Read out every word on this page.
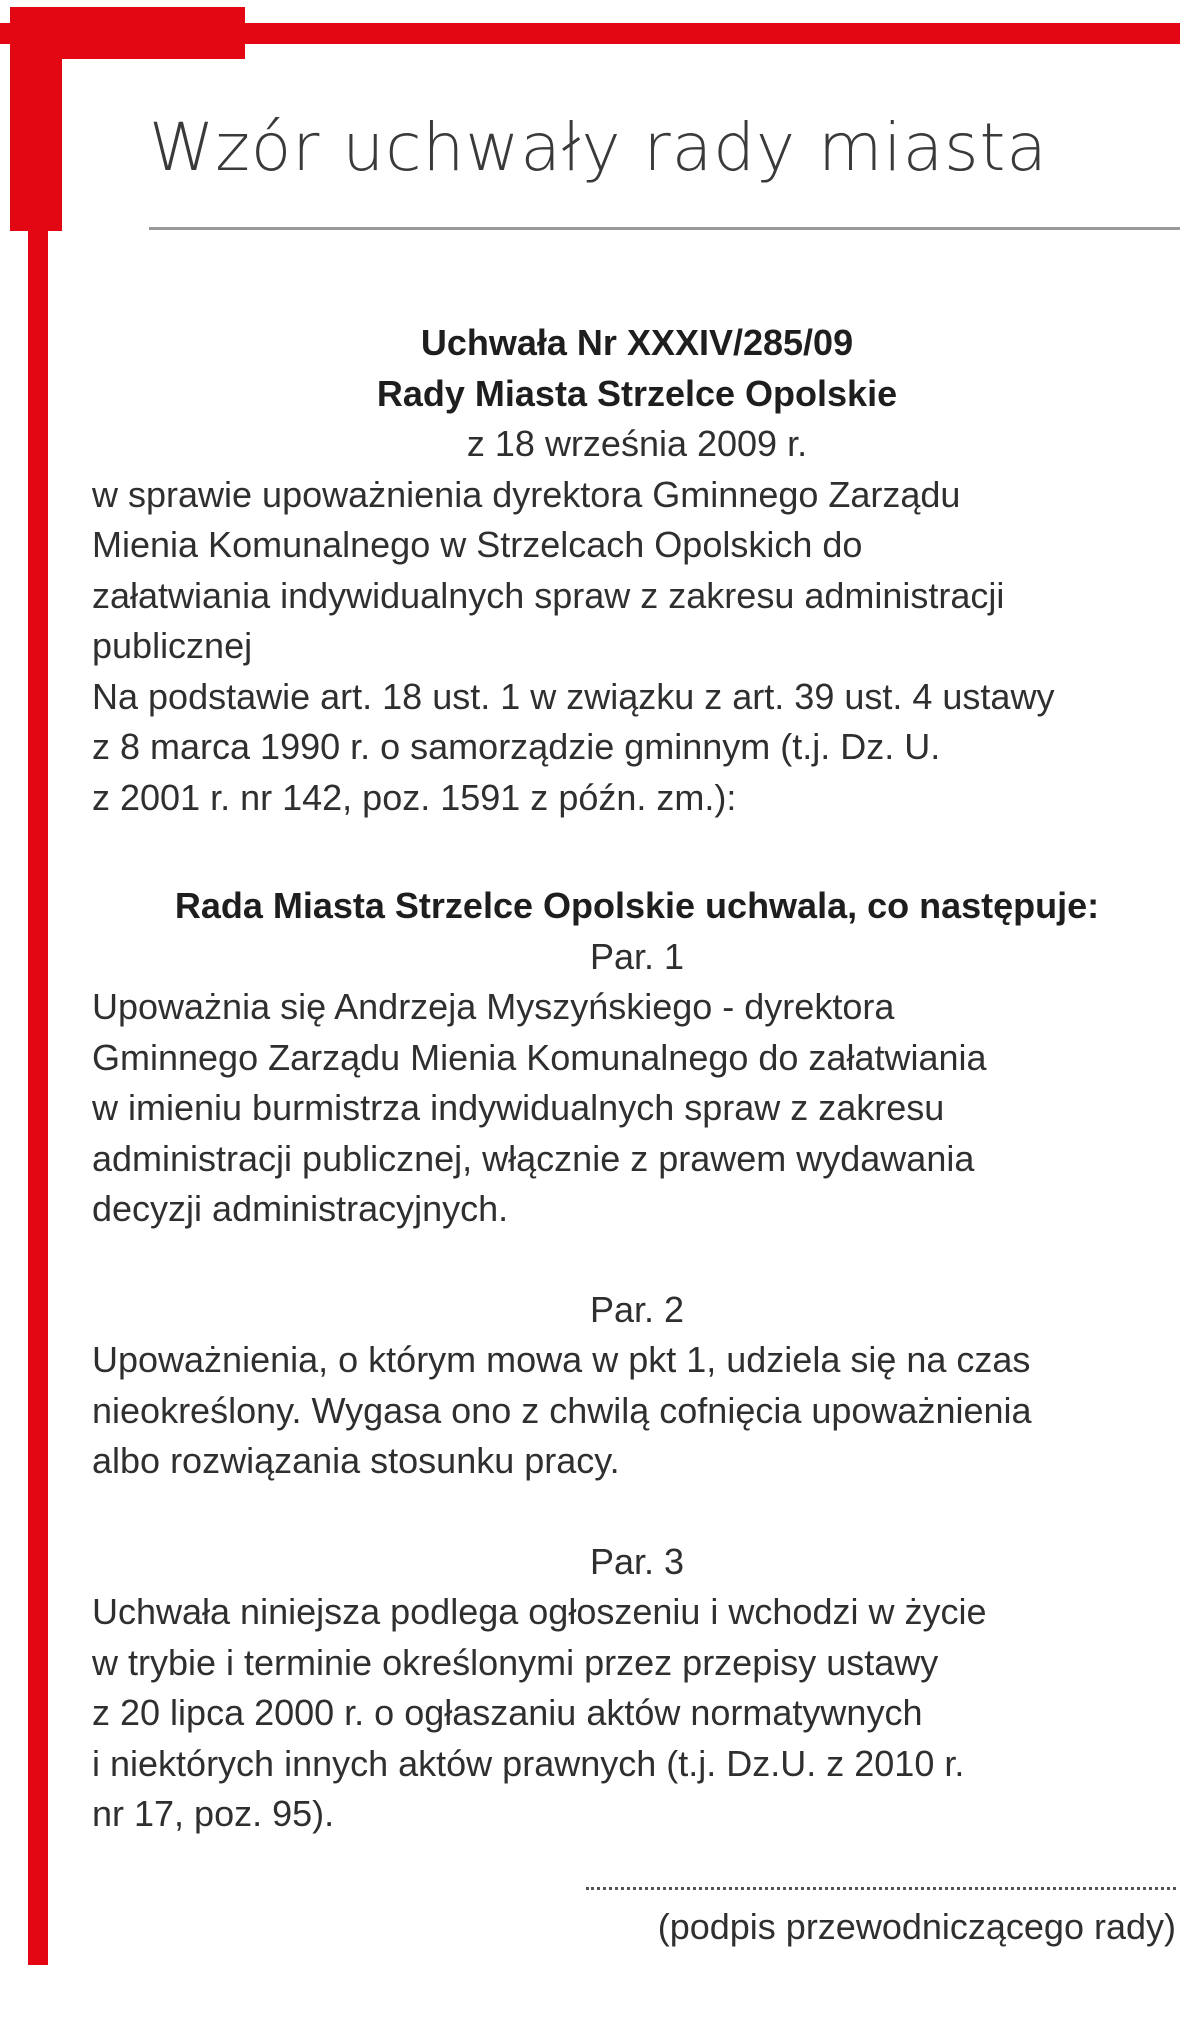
Wzór uchwały rady miasta

Uchwała Nr XXXIV/285/09

Rady Miasta Strzelce Opolskie

z 18 września 2009 r.

w sprawie upoważnienia dyrektora Gminnego Zarządu

Mienia Komunalnego w Strzelcach Opolskich do

załatwiania indywidualnych spraw z zakresu administracji

publicznej

Na podstawie art. 18 ust. 1 w związku z art. 39 ust. 4 ustawy

z 8 marca 1990 r. o samorządzie gminnym (t.j. Dz. U.

z 2001 r. nr 142, poz. 1591 z późn. zm.):

Rada Miasta Strzelce Opolskie uchwala, co następuje:

Par. 1

Upoważnia się Andrzeja Myszyńskiego - dyrektora

Gminnego Zarządu Mienia Komunalnego do załatwiania

w imieniu burmistrza indywidualnych spraw z zakresu

administracji publicznej, włącznie z prawem wydawania

decyzji administracyjnych.

Par. 2

Upoważnienia, o którym mowa w pkt 1, udziela się na czas

nieokreślony. Wygasa ono z chwilą cofnięcia upoważnienia

albo rozwiązania stosunku pracy.

Par. 3

Uchwała niniejsza podlega ogłoszeniu i wchodzi w życie

w trybie i terminie określonymi przez przepisy ustawy

z 20 lipca 2000 r. o ogłaszaniu aktów normatywnych

i niektórych innych aktów prawnych (t.j. Dz.U. z 2010 r.

nr 17, poz. 95).

(podpis przewodniczącego rady)
